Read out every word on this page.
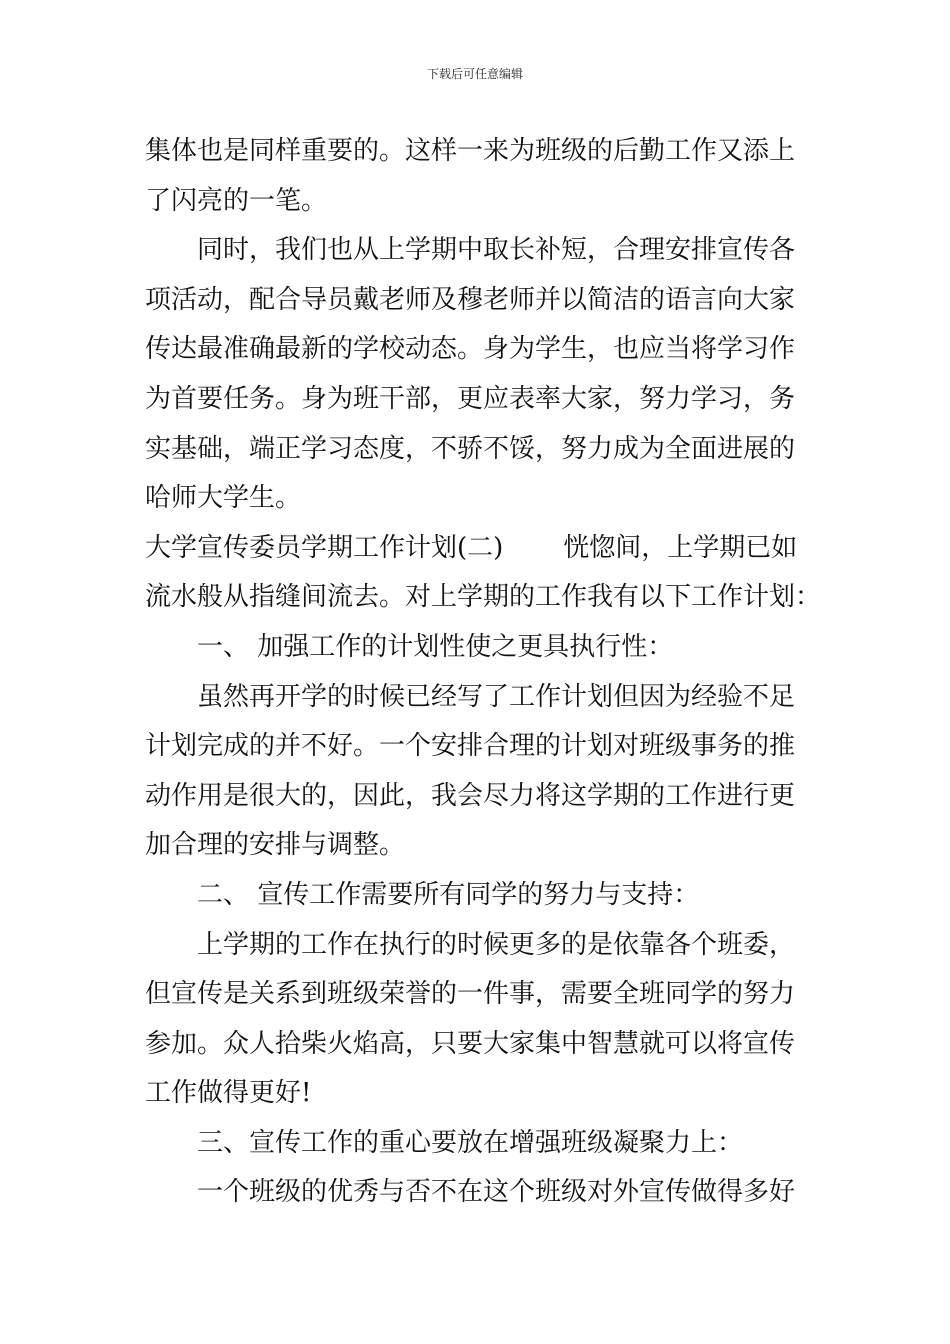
下载后可任意编辑
集体也是同样重要的。这样一来为班级的后勤工作又添上
了闪亮的一笔。
同时，我们也从上学期中取长补短，合理安排宣传各
项活动，配合导员戴老师及穆老师并以简洁的语言向大家
传达最准确最新的学校动态。身为学生，也应当将学习作
为首要任务。身为班干部，更应表率大家，努力学习，务
实基础，端正学习态度，不骄不馁，努力成为全面进展的
哈师大学生。
大学宣传委员学期工作计划(二) 恍惚间，上学期已如
流水般从指缝间流去。对上学期的工作我有以下工作计划：
一、 加强工作的计划性使之更具执行性：
虽然再开学的时候已经写了工作计划但因为经验不足
计划完成的并不好。一个安排合理的计划对班级事务的推
动作用是很大的，因此，我会尽力将这学期的工作进行更
加合理的安排与调整。
二、 宣传工作需要所有同学的努力与支持：
上学期的工作在执行的时候更多的是依靠各个班委，
但宣传是关系到班级荣誉的一件事，需要全班同学的努力
参加。众人拾柴火焰高，只要大家集中智慧就可以将宣传
工作做得更好!
三、宣传工作的重心要放在增强班级凝聚力上：
一个班级的优秀与否不在这个班级对外宣传做得多好
